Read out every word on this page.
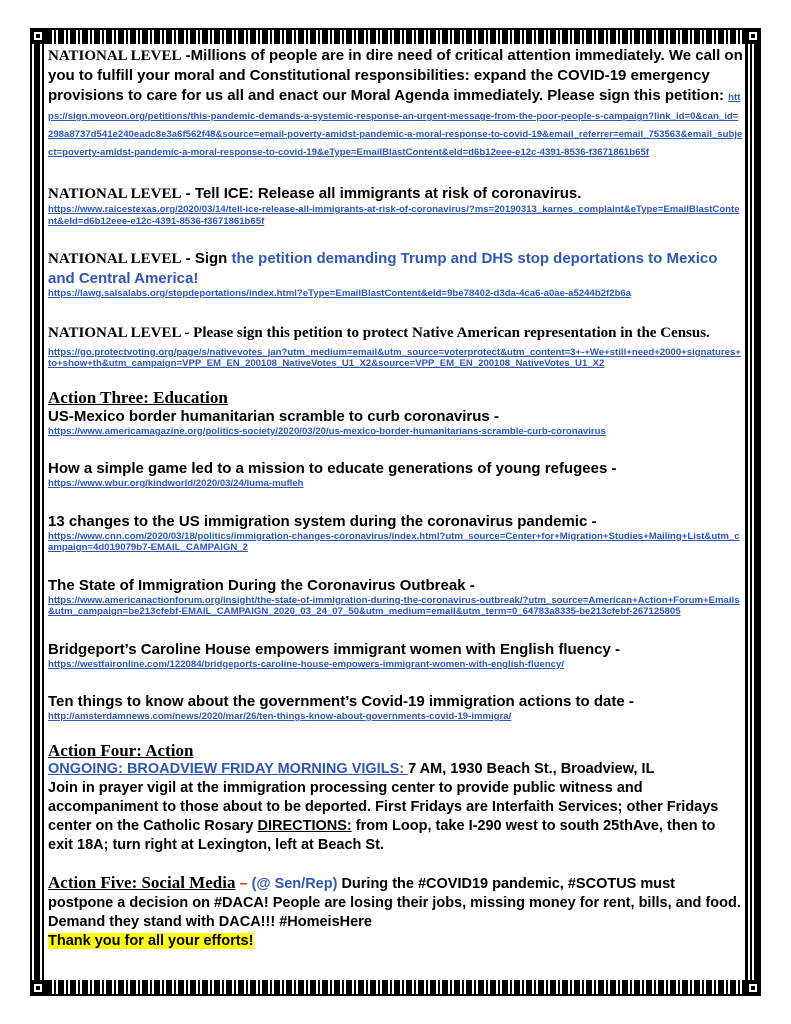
NATIONAL LEVEL -Millions of people are in dire need of critical attention immediately. We call on you to fulfill your moral and Constitutional responsibilities: expand the COVID-19 emergency provisions to care for us all and enact our Moral Agenda immediately. Please sign this petition: https://sign.moveon.org/petitions/this-pandemic-demands-a-systemic-response-an-urgent-message-from-the-poor-people-s-campaign?link_id=0&can_id=298a8737d541e240eadc8e3a6f562f48&source=email-poverty-amidst-pandemic-a-moral-response-to-covid-19&email_referrer=email_753563&email_subject=poverty-amidst-pandemic-a-moral-response-to-covid-19&eType=EmailBlastContent&eId=d6b12eee-e12c-4391-8536-f3671861b65f
NATIONAL LEVEL - Tell ICE: Release all immigrants at risk of coronavirus.
https://www.raicestexas.org/2020/03/14/tell-ice-release-all-immigrants-at-risk-of-coronavirus/?ms=20190313_karnes_complaint&eType=EmailBlastContent&eId=d6b12eee-e12c-4391-8536-f3671861b65f
NATIONAL LEVEL - Sign the petition demanding Trump and DHS stop deportations to Mexico and Central America!
https://lawg.salsalabs.org/stopdeportations/index.html?eType=EmailBlastContent&eId=9be78402-d3da-4ca6-a0ae-a5244b2f2b6a
NATIONAL LEVEL - Please sign this petition to protect Native American representation in the Census.
https://go.protectvoting.org/page/s/nativevotes_jan?utm_medium=email&utm_source=voterprotect&utm_content=3+-+We+still+need+2000+signatures+to+show+th&utm_campaign=VPP_EM_EN_200108_NativeVotes_U1_X2&source=VPP_EM_EN_200108_NativeVotes_U1_X2
Action Three: Education
US-Mexico border humanitarian scramble to curb coronavirus -
https://www.americamagazine.org/politics-society/2020/03/20/us-mexico-border-humanitarians-scramble-curb-coronavirus
How a simple game led to a mission to educate generations of young refugees -
https://www.wbur.org/kindworld/2020/03/24/luma-mufleh
13 changes to the US immigration system during the coronavirus pandemic -
https://www.cnn.com/2020/03/18/politics/immigration-changes-coronavirus/index.html?utm_source=Center+for+Migration+Studies+Mailing+List&utm_campaign=4d019079b7-EMAIL_CAMPAIGN_2
The State of Immigration During the Coronavirus Outbreak -
https://www.americanactionforum.org/insight/the-state-of-immigration-during-the-coronavirus-outbreak/?utm_source=American+Action+Forum+Emails&utm_campaign=be213cfebf-EMAIL_CAMPAIGN_2020_03_24_07_50&utm_medium=email&utm_term=0_64783a8335-be213cfebf-267125805
Bridgeport’s Caroline House empowers immigrant women with English fluency -
https://westfaironline.com/122084/bridgeports-caroline-house-empowers-immigrant-women-with-english-fluency/
Ten things to know about the government’s Covid-19 immigration actions to date -
http://amsterdamnews.com/news/2020/mar/26/ten-things-know-about-governments-covid-19-immigra/
Action Four: Action
ONGOING: BROADVIEW FRIDAY MORNING VIGILS: 7 AM, 1930 Beach St., Broadview, IL
Join in prayer vigil at the immigration processing center to provide public witness and accompaniment to those about to be deported. First Fridays are Interfaith Services; other Fridays center on the Catholic Rosary DIRECTIONS: from Loop, take I-290 west to south 25thAve, then to exit 18A; turn right at Lexington, left at Beach St.
Action Five: Social Media – (@ Sen/Rep) During the #COVID19 pandemic, #SCOTUS must postpone a decision on #DACA! People are losing their jobs, missing money for rent, bills, and food. Demand they stand with DACA!!! #HomeisHere
Thank you for all your efforts!
